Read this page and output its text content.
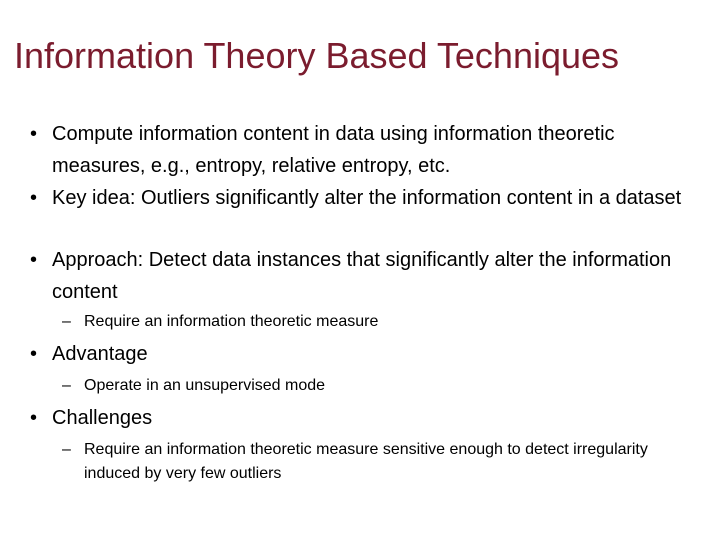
Information Theory Based Techniques
• Compute information content in data using information theoretic measures, e.g., entropy, relative entropy, etc.
• Key idea: Outliers significantly alter the information content in a dataset
• Approach: Detect data instances that significantly alter the information content
– Require an information theoretic measure
• Advantage
– Operate in an unsupervised mode
• Challenges
– Require an information theoretic measure sensitive enough to detect irregularity induced by very few outliers
